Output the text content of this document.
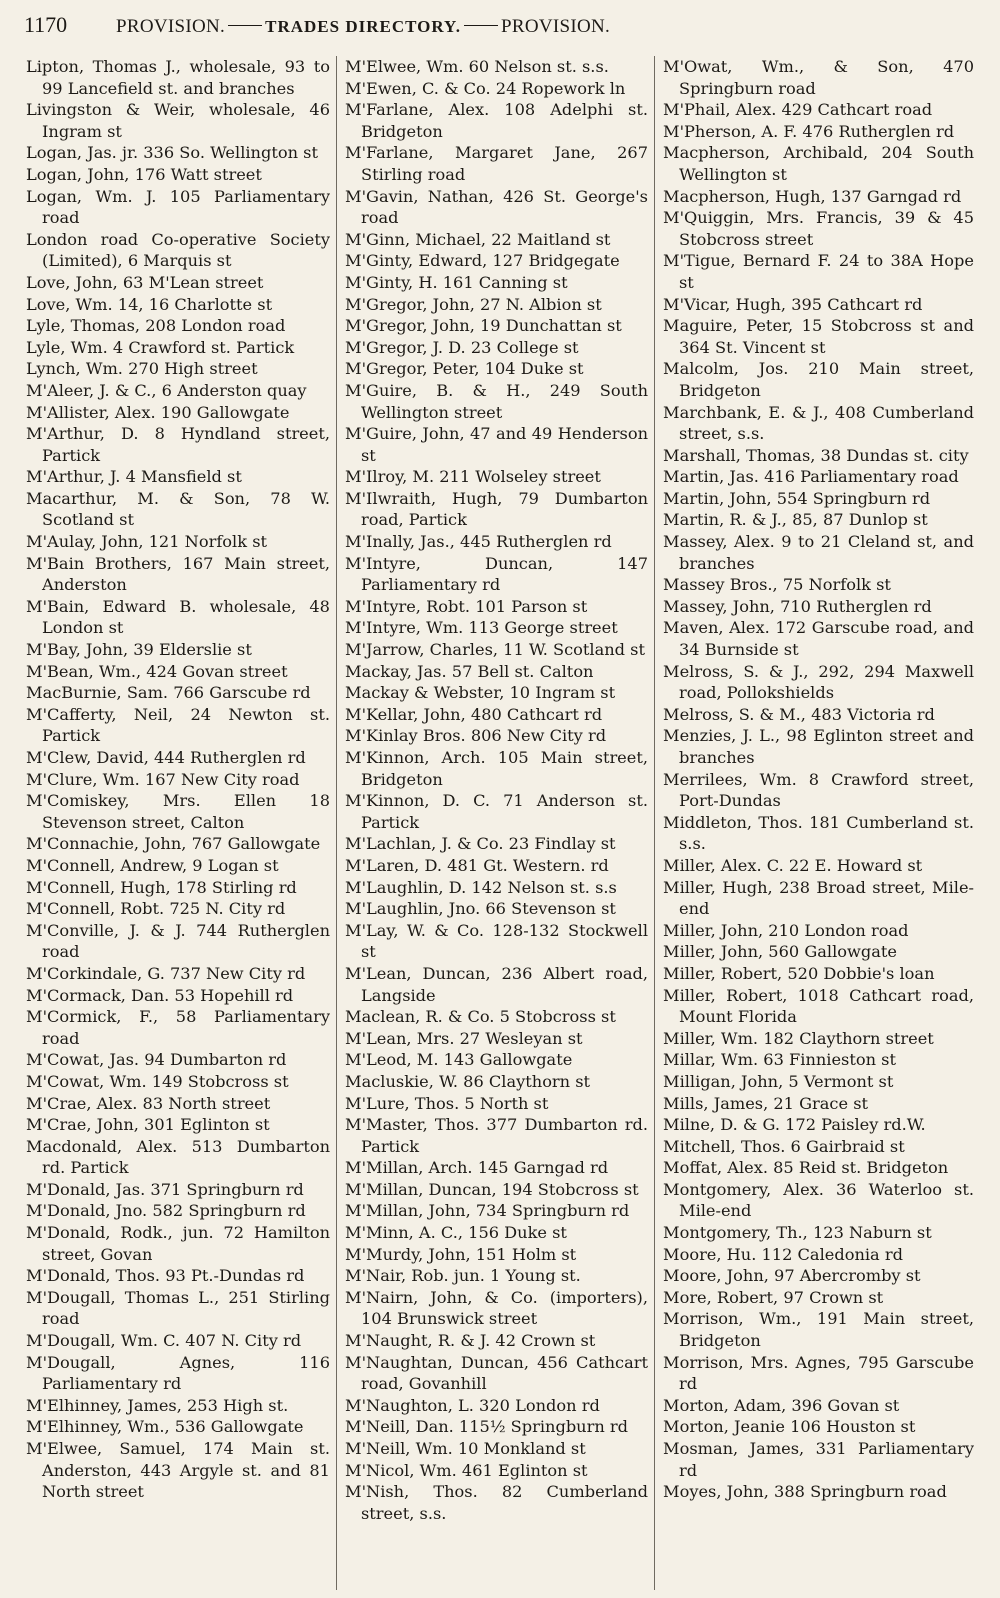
1170	PROVISION. TRADES DIRECTORY. PROVISION.
Lipton, Thomas J., wholesale, 93 to 99 Lancefield st. and branches
Livingston & Weir, wholesale, 46 Ingram st
Logan, Jas. jr. 336 So. Wellington st
Logan, John, 176 Watt street
Logan, Wm. J. 105 Parliamentary road
London road Co-operative Society (Limited), 6 Marquis st
Love, John, 63 M'Lean street
Love, Wm. 14, 16 Charlotte st
Lyle, Thomas, 208 London road
Lyle, Wm. 4 Crawford st. Partick
Lynch, Wm. 270 High street
M'Aleer, J. & C., 6 Anderston quay
M'Allister, Alex. 190 Gallowgate
M'Arthur, D. 8 Hyndland street, Partick
M'Arthur, J. 4 Mansfield st
Macarthur, M. & Son, 78 W. Scotland st
M'Aulay, John, 121 Norfolk st
M'Bain Brothers, 167 Main street, Anderston
M'Bain, Edward B. wholesale, 48 London st
M'Bay, John, 39 Elderslie st
M'Bean, Wm., 424 Govan street
MacBurnie, Sam. 766 Garscube rd
M'Cafferty, Neil, 24 Newton st. Partick
M'Clew, David, 444 Rutherglen rd
M'Clure, Wm. 167 New City road
M'Comiskey, Mrs. Ellen 18 Stevenson street, Calton
M'Connachie, John, 767 Gallowgate
M'Connell, Andrew, 9 Logan st
M'Connell, Hugh, 178 Stirling rd
M'Connell, Robt. 725 N. City rd
M'Conville, J. & J. 744 Rutherglen road
M'Corkindale, G. 737 New City rd
M'Cormack, Dan. 53 Hopehill rd
M'Cormick, F., 58 Parliamentary road
M'Cowat, Jas. 94 Dumbarton rd
M'Cowat, Wm. 149 Stobcross st
M'Crae, Alex. 83 North street
M'Crae, John, 301 Eglinton st
Macdonald, Alex. 513 Dumbarton rd. Partick
M'Donald, Jas. 371 Springburn rd
M'Donald, Jno. 582 Springburn rd
M'Donald, Rodk., jun. 72 Hamilton street, Govan
M'Donald, Thos. 93 Pt.-Dundas rd
M'Dougall, Thomas L., 251 Stirling road
M'Dougall, Wm. C. 407 N. City rd
M'Dougall, Agnes, 116 Parliamentary rd
M'Elhinney, James, 253 High st.
M'Elhinney, Wm., 536 Gallowgate
M'Elwee, Samuel, 174 Main st. Anderston, 443 Argyle st. and 81 North street
M'Elwee, Wm. 60 Nelson st. s.s.
M'Ewen, C. & Co. 24 Ropework ln
M'Farlane, Alex. 108 Adelphi st. Bridgeton
M'Farlane, Margaret Jane, 267 Stirling road
M'Gavin, Nathan, 426 St. George's road
M'Ginn, Michael, 22 Maitland st
M'Ginty, Edward, 127 Bridgegate
M'Ginty, H. 161 Canning st
M'Gregor, John, 27 N. Albion st
M'Gregor, John, 19 Dunchattan st
M'Gregor, J. D. 23 College st
M'Gregor, Peter, 104 Duke st
M'Guire, B. & H., 249 South Wellington street
M'Guire, John, 47 and 49 Henderson st
M'Ilroy, M. 211 Wolseley street
M'Ilwraith, Hugh, 79 Dumbarton road, Partick
M'Inally, Jas., 445 Rutherglen rd
M'Intyre, Duncan, 147 Parliamentary rd
M'Intyre, Robt. 101 Parson st
M'Intyre, Wm. 113 George street
M'Jarrow, Charles, 11 W. Scotland st
Mackay, Jas. 57 Bell st. Calton
Mackay & Webster, 10 Ingram st
M'Kellar, John, 480 Cathcart rd
M'Kinlay Bros. 806 New City rd
M'Kinnon, Arch. 105 Main street, Bridgeton
M'Kinnon, D. C. 71 Anderson st. Partick
M'Lachlan, J. & Co. 23 Findlay st
M'Laren, D. 481 Gt. Western. rd
M'Laughlin, D. 142 Nelson st. s.s
M'Laughlin, Jno. 66 Stevenson st
M'Lay, W. & Co. 128-132 Stockwell st
M'Lean, Duncan, 236 Albert road, Langside
Maclean, R. & Co. 5 Stobcross st
M'Lean, Mrs. 27 Wesleyan st
M'Leod, M. 143 Gallowgate
Macluskie, W. 86 Claythorn st
M'Lure, Thos. 5 North st
M'Master, Thos. 377 Dumbarton rd. Partick
M'Millan, Arch. 145 Garngad rd
M'Millan, Duncan, 194 Stobcross st
M'Millan, John, 734 Springburn rd
M'Minn, A. C., 156 Duke st
M'Murdy, John, 151 Holm st
M'Nair, Rob. jun. 1 Young st.
M'Nairn, John, & Co. (importers), 104 Brunswick street
M'Naught, R. & J. 42 Crown st
M'Naughtan, Duncan, 456 Cathcart road, Govanhill
M'Naughton, L. 320 London rd
M'Neill, Dan. 115½ Springburn rd
M'Neill, Wm. 10 Monkland st
M'Nicol, Wm. 461 Eglinton st
M'Nish, Thos. 82 Cumberland street, s.s.
M'Owat, Wm., & Son, 470 Springburn road
M'Phail, Alex. 429 Cathcart road
M'Pherson, A. F. 476 Rutherglen rd
Macpherson, Archibald, 204 South Wellington st
Macpherson, Hugh, 137 Garngad rd
M'Quiggin, Mrs. Francis, 39 & 45 Stobcross street
M'Tigue, Bernard F. 24 to 38A Hope st
M'Vicar, Hugh, 395 Cathcart rd
Maguire, Peter, 15 Stobcross st and 364 St. Vincent st
Malcolm, Jos. 210 Main street, Bridgeton
Marchbank, E. & J., 408 Cumberland street, s.s.
Marshall, Thomas, 38 Dundas st. city
Martin, Jas. 416 Parliamentary road
Martin, John, 554 Springburn rd
Martin, R. & J., 85, 87 Dunlop st
Massey, Alex. 9 to 21 Cleland st, and branches
Massey Bros., 75 Norfolk st
Massey, John, 710 Rutherglen rd
Maven, Alex. 172 Garscube road, and 34 Burnside st
Melross, S. & J., 292, 294 Maxwell road, Pollokshields
Melross, S. & M., 483 Victoria rd
Menzies, J. L., 98 Eglinton street and branches
Merrilees, Wm. 8 Crawford street, Port-Dundas
Middleton, Thos. 181 Cumberland st. s.s.
Miller, Alex. C. 22 E. Howard st
Miller, Hugh, 238 Broad street, Mile-end
Miller, John, 210 London road
Miller, John, 560 Gallowgate
Miller, Robert, 520 Dobbie's loan
Miller, Robert, 1018 Cathcart road, Mount Florida
Miller, Wm. 182 Claythorn street
Millar, Wm. 63 Finnieston st
Milligan, John, 5 Vermont st
Mills, James, 21 Grace st
Milne, D. & G. 172 Paisley rd.W.
Mitchell, Thos. 6 Gairbraid st
Moffat, Alex. 85 Reid st. Bridgeton
Montgomery, Alex. 36 Waterloo st. Mile-end
Montgomery, Th., 123 Naburn st
Moore, Hu. 112 Caledonia rd
Moore, John, 97 Abercromby st
More, Robert, 97 Crown st
Morrison, Wm., 191 Main street, Bridgeton
Morrison, Mrs. Agnes, 795 Garscube rd
Morton, Adam, 396 Govan st
Morton, Jeanie 106 Houston st
Mosman, James, 331 Parliamentary rd
Moyes, John, 388 Springburn road
